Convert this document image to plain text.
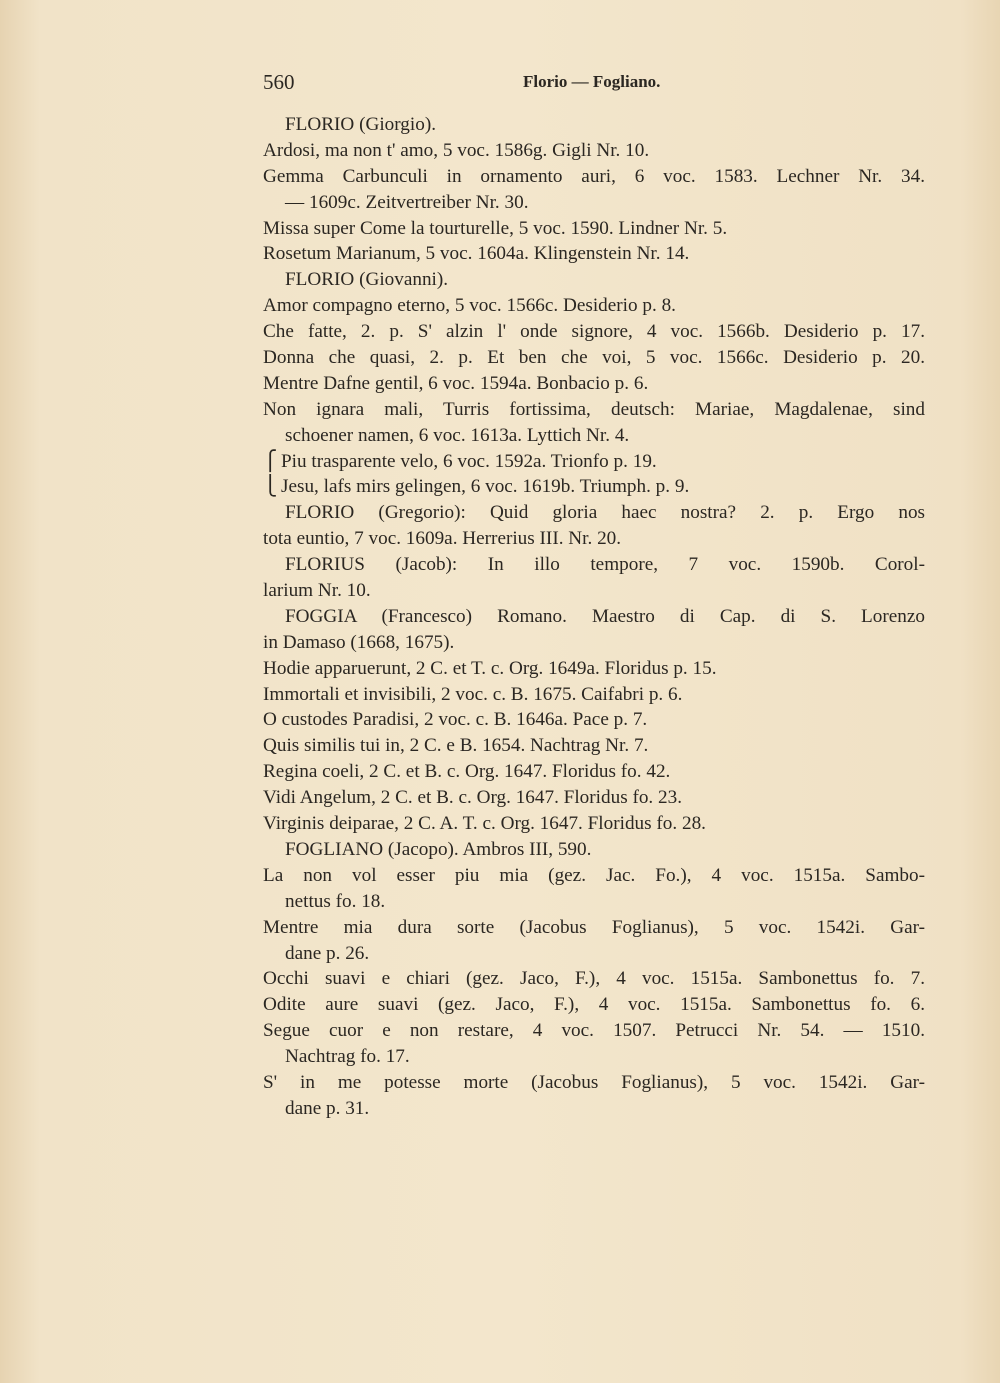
560	Florio — Fogliano.
FLORIO (Giorgio).
Ardosi, ma non t' amo, 5 voc. 1586g. Gigli Nr. 10.
Gemma Carbunculi in ornamento auri, 6 voc. 1583. Lechner Nr. 34.
— 1609c. Zeitvertreiber Nr. 30.
Missa super Come la tourturelle, 5 voc. 1590. Lindner Nr. 5.
Rosetum Marianum, 5 voc. 1604a. Klingenstein Nr. 14.
FLORIO (Giovanni).
Amor compagno eterno, 5 voc. 1566c. Desiderio p. 8.
Che fatte, 2. p. S' alzin l' onde signore, 4 voc. 1566b. Desiderio p. 17.
Donna che quasi, 2. p. Et ben che voi, 5 voc. 1566c. Desiderio p. 20.
Mentre Dafne gentil, 6 voc. 1594a. Bonbacio p. 6.
Non ignara mali, Turris fortissima, deutsch: Mariae, Magdalenae, sind
schoener namen, 6 voc. 1613a. Lyttich Nr. 4.
⎧ Piu trasparente velo, 6 voc. 1592a. Trionfo p. 19.
⎩ Jesu, lafs mirs gelingen, 6 voc. 1619b. Triumph. p. 9.
FLORIO (Gregorio): Quid gloria haec nostra? 2. p. Ergo nos
tota euntio, 7 voc. 1609a. Herrerius III. Nr. 20.
FLORIUS (Jacob): In illo tempore, 7 voc. 1590b. Corol-
larium Nr. 10.
FOGGIA (Francesco) Romano. Maestro di Cap. di S. Lorenzo
in Damaso (1668, 1675).
Hodie apparuerunt, 2 C. et T. c. Org. 1649a. Floridus p. 15.
Immortali et invisibili, 2 voc. c. B. 1675. Caifabri p. 6.
O custodes Paradisi, 2 voc. c. B. 1646a. Pace p. 7.
Quis similis tui in, 2 C. e B. 1654. Nachtrag Nr. 7.
Regina coeli, 2 C. et B. c. Org. 1647. Floridus fo. 42.
Vidi Angelum, 2 C. et B. c. Org. 1647. Floridus fo. 23.
Virginis deiparae, 2 C. A. T. c. Org. 1647. Floridus fo. 28.
FOGLIANO (Jacopo). Ambros III, 590.
La non vol esser piu mia (gez. Jac. Fo.), 4 voc. 1515a. Sambo-
nettus fo. 18.
Mentre mia dura sorte (Jacobus Foglianus), 5 voc. 1542i. Gar-
dane p. 26.
Occhi suavi e chiari (gez. Jaco, F.), 4 voc. 1515a. Sambonettus fo. 7.
Odite aure suavi (gez. Jaco, F.), 4 voc. 1515a. Sambonettus fo. 6.
Segue cuor e non restare, 4 voc. 1507. Petrucci Nr. 54. — 1510.
Nachtrag fo. 17.
S' in me potesse morte (Jacobus Foglianus), 5 voc. 1542i. Gar-
dane p. 31.
